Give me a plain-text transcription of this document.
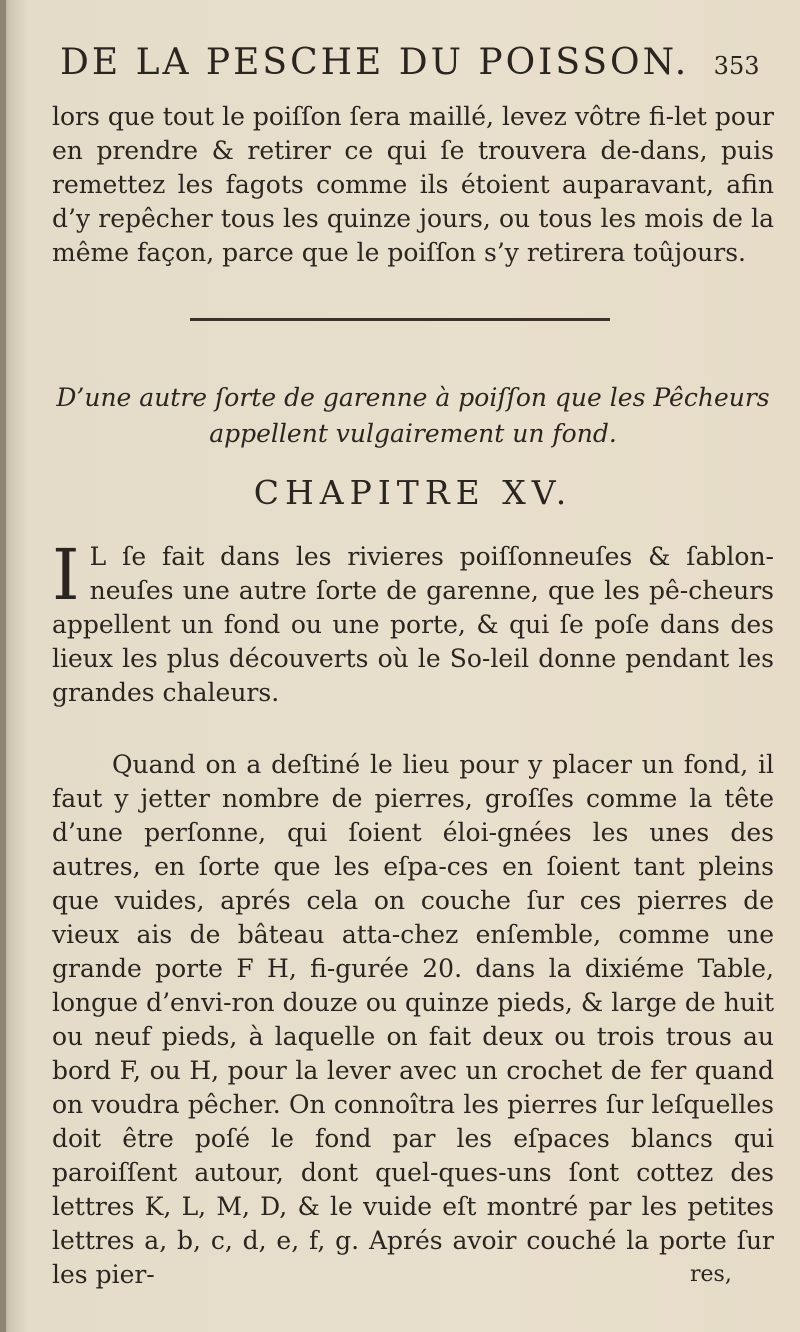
DE LA PESCHE DU POISSON. 353
lors que tout le poiſſon ſera maillé, levez vôtre fi-let pour en prendre & retirer ce qui ſe trouvera de-dans, puis remettez les fagots comme ils étoient auparavant, afin d’y repêcher tous les quinze jours, ou tous les mois de la même façon, parce que le poiſſon s’y retirera toûjours.
D’une autre ſorte de garenne à poiſſon que les Pêcheurs appellent vulgairement un fond.
CHAPITRE XV.
I L ſe fait dans les rivieres poiſſonneuſes & ſablon-neuſes une autre ſorte de garenne, que les pê-cheurs appellent un fond ou une porte, & qui ſe poſe dans des lieux les plus découverts où le So-leil donne pendant les grandes chaleurs.
Quand on a deſtiné le lieu pour y placer un fond, il faut y jetter nombre de pierres, groſſes comme la tête d’une perſonne, qui ſoient éloi-gnées les unes des autres, en ſorte que les eſpa-ces en ſoient tant pleins que vuides, aprés cela on couche ſur ces pierres de vieux ais de bâteau atta-chez enſemble, comme une grande porte F H, fi-gurée 20. dans la dixiéme Table, longue d’envi-ron douze ou quinze pieds, & large de huit ou neuf pieds, à laquelle on fait deux ou trois trous au bord F, ou H, pour la lever avec un crochet de fer quand on voudra pêcher. On connoîtra les pierres ſur leſquelles doit être poſé le fond par les eſpaces blancs qui paroiſſent autour, dont quel-ques-uns ſont cottez des lettres K, L, M, D, & le vuide eſt montré par les petites lettres a, b, c, d, e, f, g. Aprés avoir couché la porte ſur les pier-	res,
